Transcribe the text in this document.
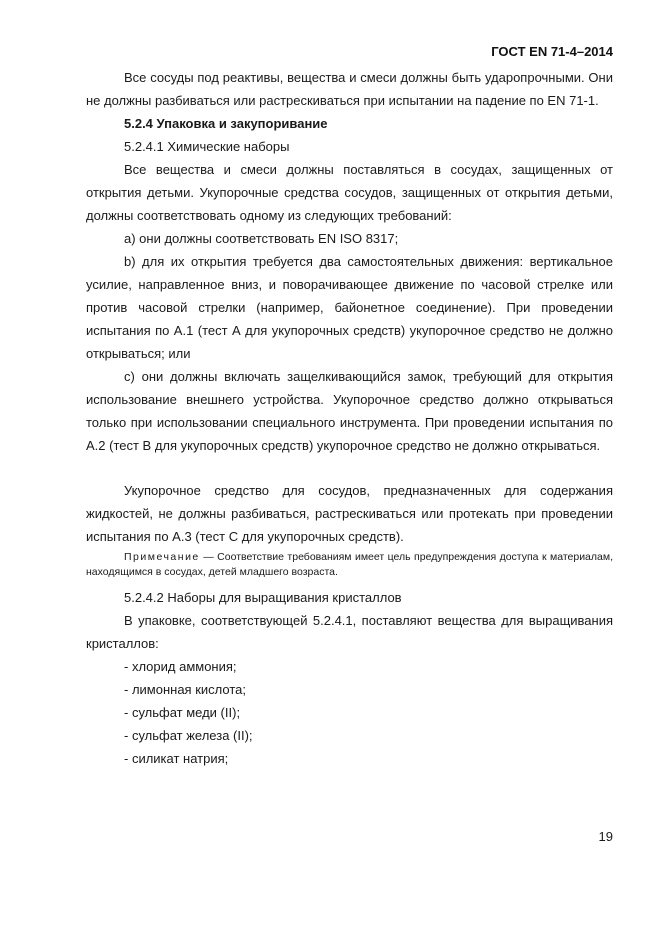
ГОСТ EN 71-4–2014

Все сосуды под реактивы, вещества и смеси должны быть ударопрочными. Они не должны разбиваться или растрескиваться при испытании на падение по EN 71-1.

5.2.4 Упаковка и закупоривание

5.2.4.1 Химические наборы

Все вещества и смеси должны поставляться в сосудах, защищенных от открытия детьми. Укупорочные средства сосудов, защищенных от открытия детьми, должны соответствовать одному из следующих требований:

a) они должны соответствовать EN ISO 8317;

b) для их открытия требуется два самостоятельных движения: вертикальное усилие, направленное вниз, и поворачивающее движение по часовой стрелке или против часовой стрелки (например, байонетное соединение). При проведении испытания по А.1 (тест А для укупорочных средств) укупорочное средство не должно открываться; или

c) они должны включать защелкивающийся замок, требующий для открытия использование внешнего устройства. Укупорочное средство должно открываться только при использовании специального инструмента. При проведении испытания по А.2 (тест В для укупорочных средств) укупорочное средство не должно открываться.

Укупорочное средство для сосудов, предназначенных для содержания жидкостей, не должны разбиваться, растрескиваться или протекать при проведении испытания по А.3 (тест С для укупорочных средств).

Примечание — Соответствие требованиям имеет цель предупреждения доступа к материалам, находящимся в сосудах, детей младшего возраста.

5.2.4.2 Наборы для выращивания кристаллов

В упаковке, соответствующей 5.2.4.1, поставляют вещества для выращивания кристаллов:

- хлорид аммония;
- лимонная кислота;
- сульфат меди (II);
- сульфат железа (II);
- силикат натрия;
19
